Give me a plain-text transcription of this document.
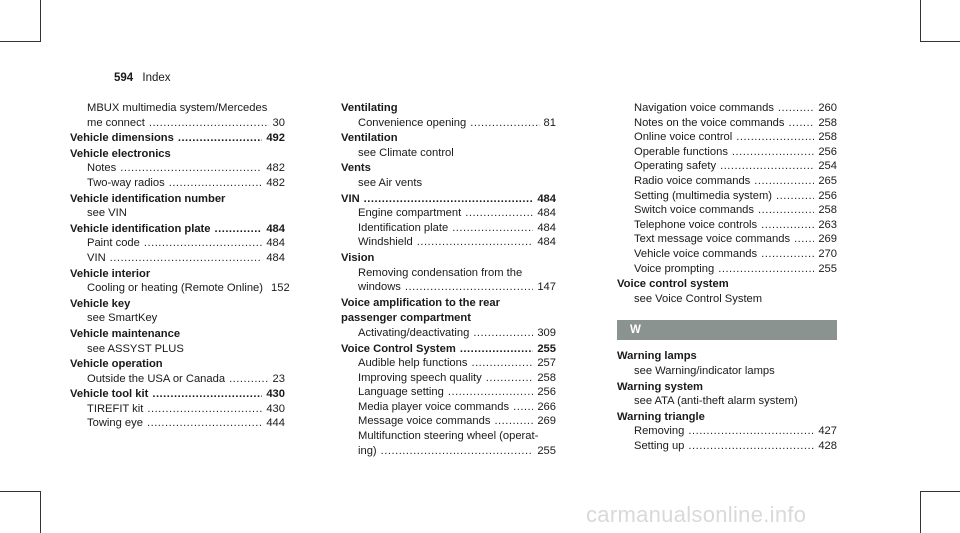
594 Index
MBUX multimedia system/Mercedes
me connect .....	30
Vehicle dimensions .....	492
Vehicle electronics
Notes .....	482
Two-way radios .....	482
Vehicle identification number
see VIN
Vehicle identification plate .....	484
Paint code .....	484
VIN .....	484
Vehicle interior
Cooling or heating (Remote Online) 152
Vehicle key
see SmartKey
Vehicle maintenance
see ASSYST PLUS
Vehicle operation
Outside the USA or Canada .....	23
Vehicle tool kit .....	430
TIREFIT kit .....	430
Towing eye .....	444
Ventilating
Convenience opening .....	81
Ventilation
see Climate control
Vents
see Air vents
VIN .....	484
Engine compartment .....	484
Identification plate .....	484
Windshield .....	484
Vision
Removing condensation from the
windows .....	147
Voice amplification to the rear
passenger compartment
Activating/deactivating .....	309
Voice Control System .....	255
Audible help functions .....	257
Improving speech quality .....	258
Language setting .....	256
Media player voice commands .....	266
Message voice commands .....	269
Multifunction steering wheel (operat-
ing) .....	255
Navigation voice commands .....	260
Notes on the voice commands .....	258
Online voice control .....	258
Operable functions .....	256
Operating safety .....	254
Radio voice commands .....	265
Setting (multimedia system) .....	256
Switch voice commands .....	258
Telephone voice controls .....	263
Text message voice commands .....	269
Vehicle voice commands .....	270
Voice prompting .....	255
Voice control system
see Voice Control System
W
Warning lamps
see Warning/indicator lamps
Warning system
see ATA (anti-theft alarm system)
Warning triangle
Removing .....	427
Setting up .....	428
carmanualsonline.info
